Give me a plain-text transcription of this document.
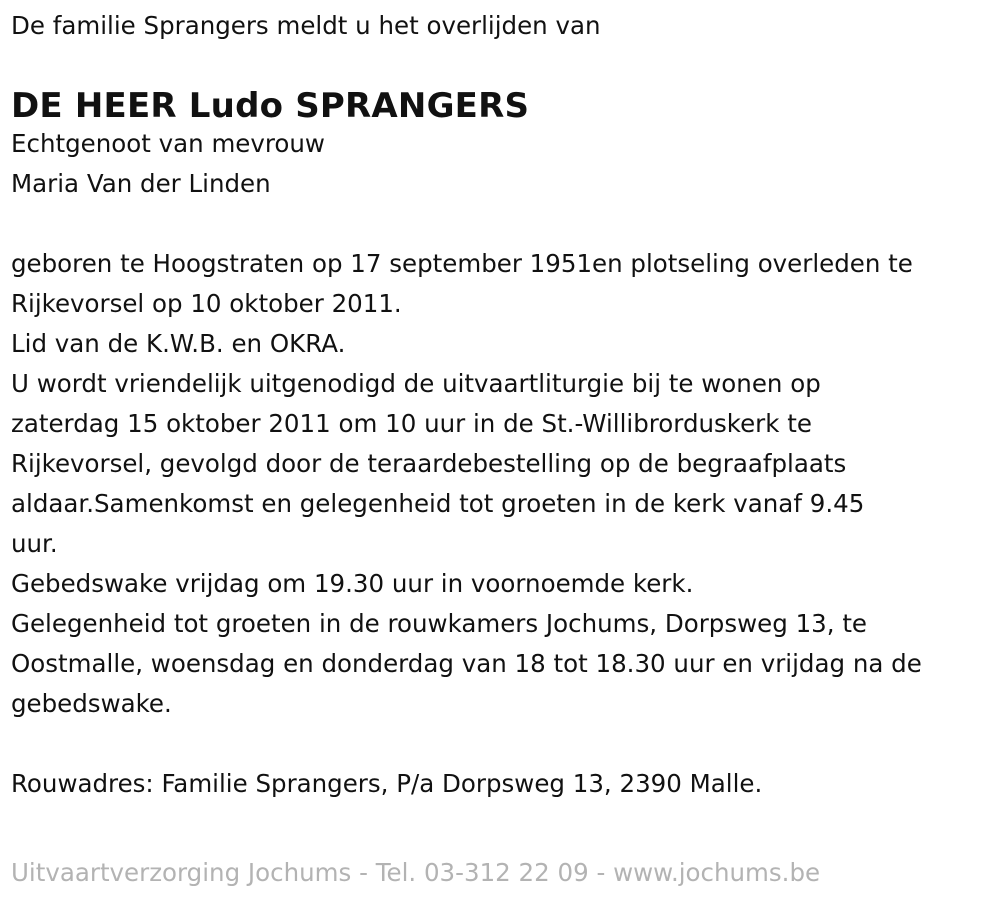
De familie Sprangers meldt u het overlijden van

DE HEER Ludo SPRANGERS

Echtgenoot van mevrouw

Maria Van der Linden

geboren te Hoogstraten op 17 september 1951en plotseling overleden te

Rijkevorsel op 10 oktober 2011.

Lid van de K.W.B. en OKRA.

U wordt vriendelijk uitgenodigd de uitvaartliturgie bij te wonen op

zaterdag 15 oktober 2011 om 10 uur in de St.-Willibrorduskerk te

Rijkevorsel, gevolgd door de teraardebestelling op de begraafplaats

aldaar.Samenkomst en gelegenheid tot groeten in de kerk vanaf 9.45

uur.

Gebedswake vrijdag om 19.30 uur in voornoemde kerk.

Gelegenheid tot groeten in de rouwkamers Jochums, Dorpsweg 13, te

Oostmalle, woensdag en donderdag van 18 tot 18.30 uur en vrijdag na de

gebedswake.

Rouwadres: Familie Sprangers, P/a Dorpsweg 13, 2390 Malle.

Uitvaartverzorging Jochums - Tel. 03-312 22 09 - www.jochums.be
